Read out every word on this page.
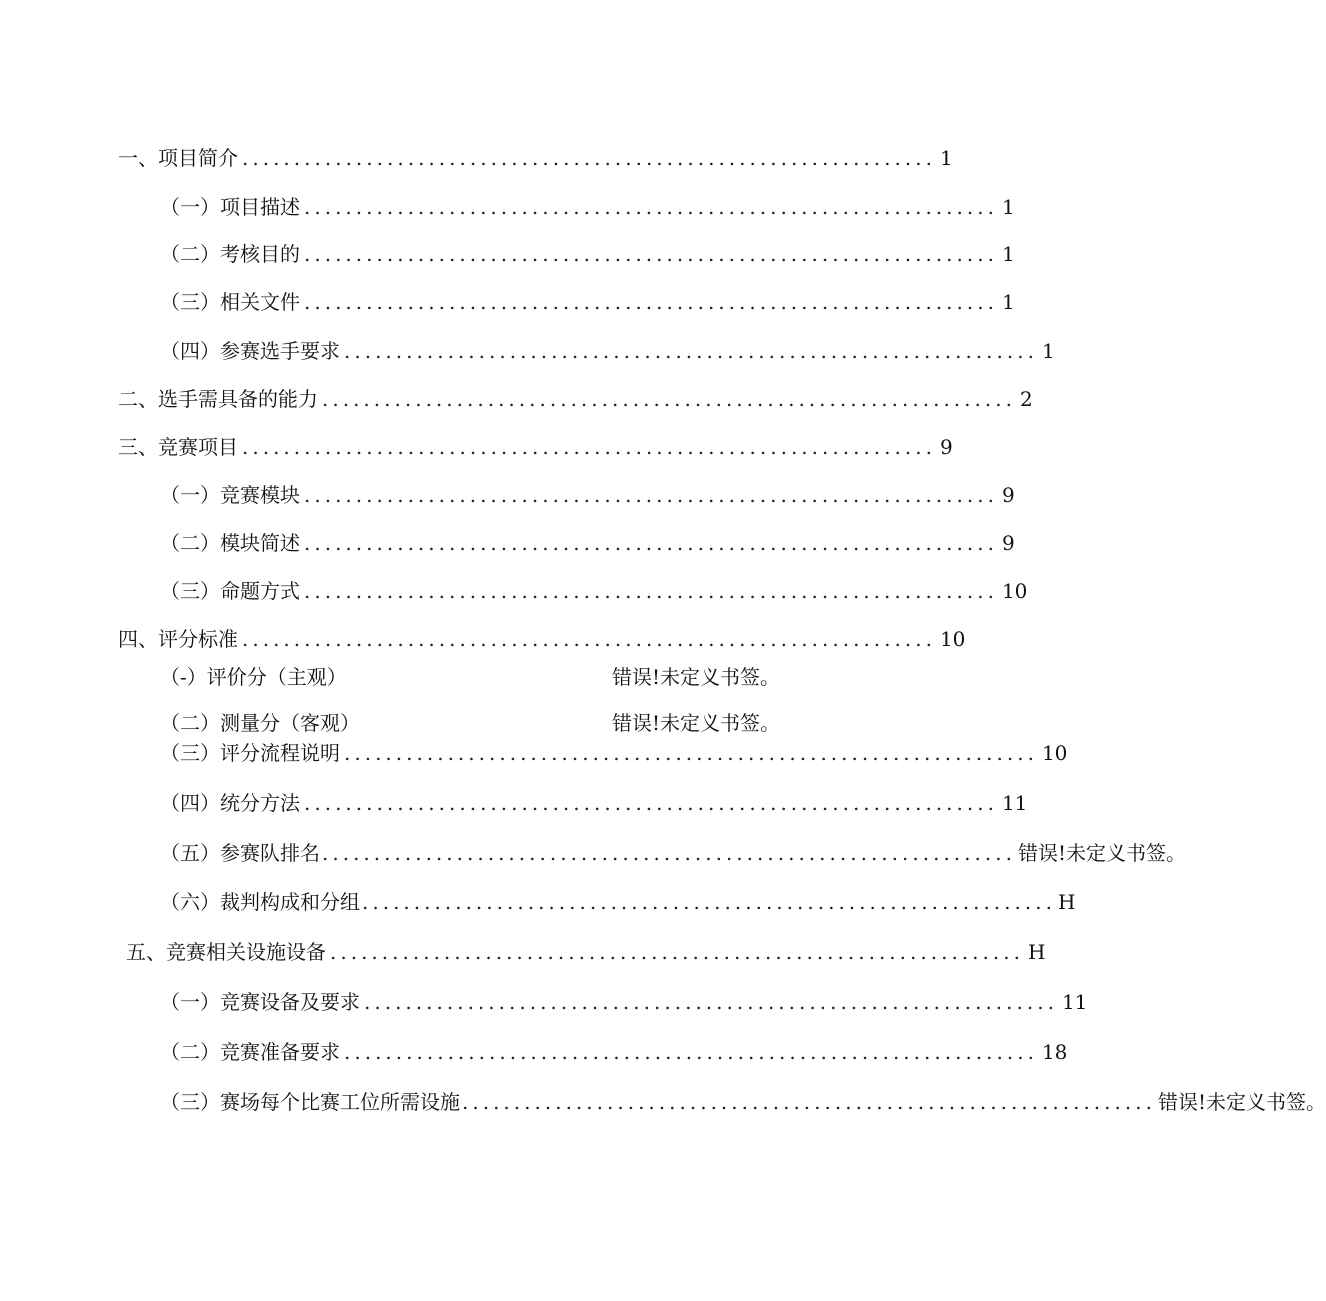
一、项目简介 ................................................................... 1
（一）项目描述 ................................................................... 1
（二）考核目的 ................................................................... 1
（三）相关文件 ................................................................... 1
（四）参赛选手要求 ................................................................... 1
二、选手需具备的能力 ................................................................... 2
三、竞赛项目 ................................................................... 9
（一）竞赛模块 ................................................................... 9
（二）模块简述 ................................................................... 9
（三）命题方式 ................................................................... 10
四、评分标准 ................................................................... 10
（-）评价分（主观）	错误!未定义书签。
（二）测量分（客观）	错误!未定义书签。
（三）评分流程说明 ................................................................... 10
（四）统分方法 ................................................................... 11
（五）参赛队排名 ................................................................... 错误!未定义书签。
（六）裁判构成和分组 ................................................................... H
五、竞赛相关设施设备 ................................................................... H
（一）竞赛设备及要求 ................................................................... 11
（二）竞赛准备要求 ................................................................... 18
（三）赛场每个比赛工位所需设施 ................................................................... 错误!未定义书签。
